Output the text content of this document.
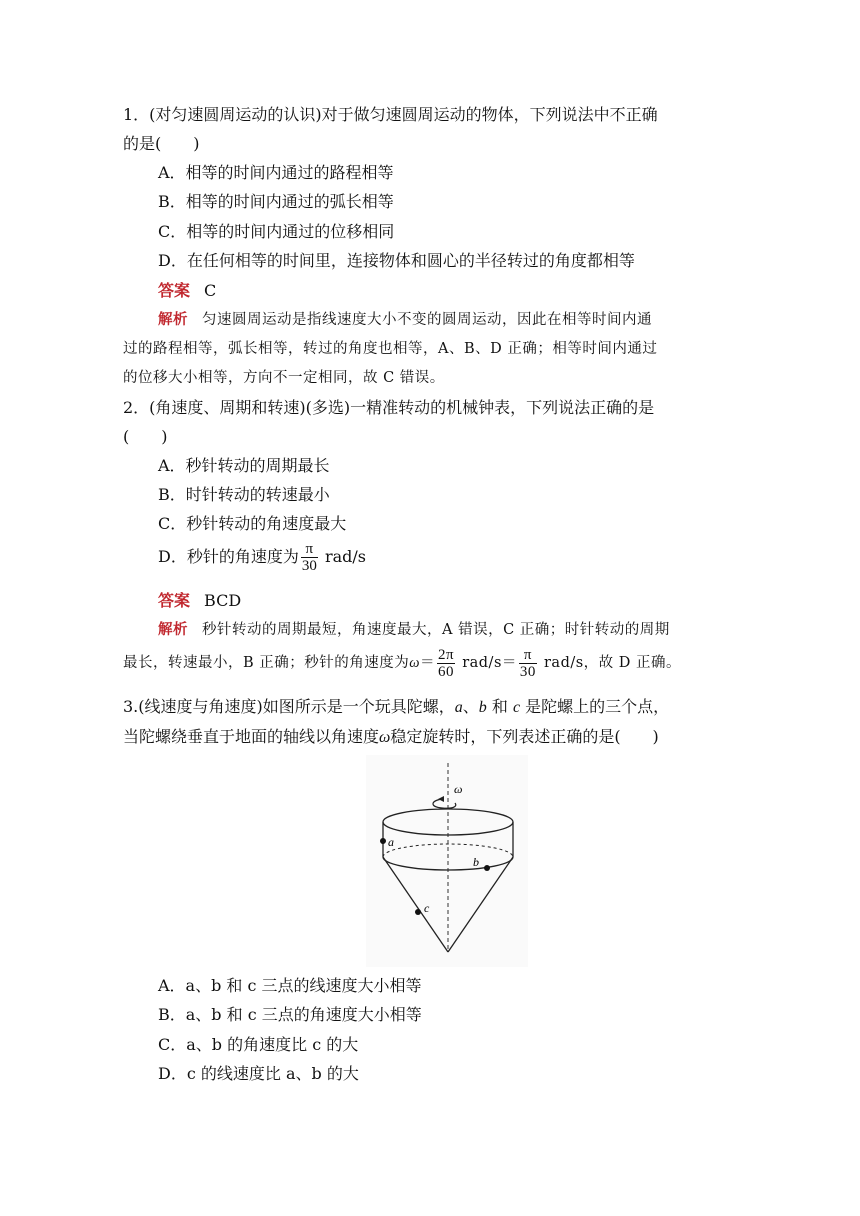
1．(对匀速圆周运动的认识)对于做匀速圆周运动的物体，下列说法中不正确
的是(　　)
A．相等的时间内通过的路程相等
B．相等的时间内通过的弧长相等
C．相等的时间内通过的位移相同
D．在任何相等的时间里，连接物体和圆心的半径转过的角度都相等
答案 C
解析 匀速圆周运动是指线速度大小不变的圆周运动，因此在相等时间内通
过的路程相等，弧长相等，转过的角度也相等，A、B、D 正确；相等时间内通过
的位移大小相等，方向不一定相同，故 C 错误。
2．(角速度、周期和转速)(多选)一精准转动的机械钟表，下列说法正确的是
(　　)
A．秒针转动的周期最长
B．时针转动的转速最小
C．秒针转动的角速度最大
D．秒针的角速度为 $\frac{\pi}{30} rad/s$
答案 BCD
解析 秒针转动的周期最短，角速度最大，A 错误，C 正确；时针转动的周期
最长，转速最小，B 正确；秒针的角速度为$\omega= \frac{2\pi}{60} rad/s= \frac{\pi}{30} rad/s$，故 D 正确。
3.(线速度与角速度)如图所示是一个玩具陀螺，a、b 和 c 是陀螺上的三个点，
当陀螺绕垂直于地面的轴线以角速度ω稳定旋转时，下列表述正确的是(　　)
ω
a
b
c
A．a、b 和 c 三点的线速度大小相等
B．a、b 和 c 三点的角速度大小相等
C．a、b 的角速度比 c 的大
D．c 的线速度比 a、b 的大
